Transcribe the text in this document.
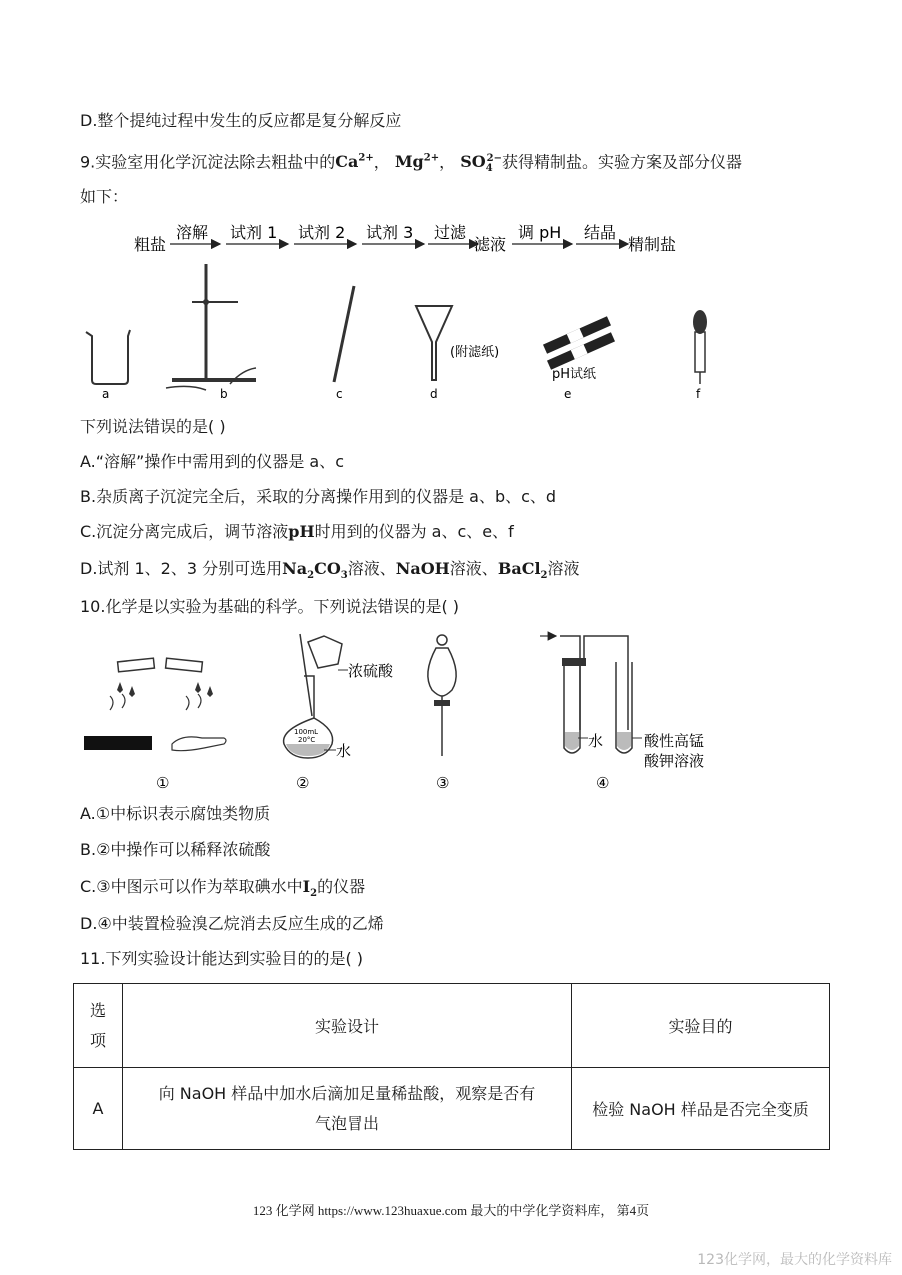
D.整个提纯过程中发生的反应都是复分解反应
9.实验室用化学沉淀法除去粗盐中的$Ca^{2+}$， $Mg^{2+}$， $SO_4^{2-}$获得精制盐。实验方案及部分仪器
如下：
粗盐
溶解 试剂 1 试剂 2 试剂 3 过滤
滤液
调 pH 结晶
精制盐
a	b	c
(附滤纸)
d
pH试纸
e	f
下列说法错误的是( )
A.“溶解”操作中需用到的仪器是 a、c
B.杂质离子沉淀完全后，采取的分离操作用到的仪器是 a、b、c、d
C.沉淀分离完成后，调节溶液pH时用到的仪器为 a、c、e、f
D.试剂 1、2、3 分别可选用$Na_2CO_3$溶液、NaOH溶液、BaCl$_2$溶液
10.化学是以实验为基础的科学。下列说法错误的是( )
①
100mL
20°C
浓硫酸
水
②	③
水	酸性高锰
酸钾溶液
④
A.①中标识表示腐蚀类物质
B.②中操作可以稀释浓硫酸
C.③中图示可以作为萃取碘水中$I_2$的仪器
D.④中装置检验溴乙烷消去反应生成的乙烯
11.下列实验设计能达到实验目的的是( )
选
项	实验设计	实验目的
A	向 NaOH 样品中加水后滴加足量稀盐酸，观察是否有
气泡冒出	检验 NaOH 样品是否完全变质
123 化学网 https://www.123huaxue.com 最大的中学化学资料库， 第4页
123化学网，最大的化学资料库
